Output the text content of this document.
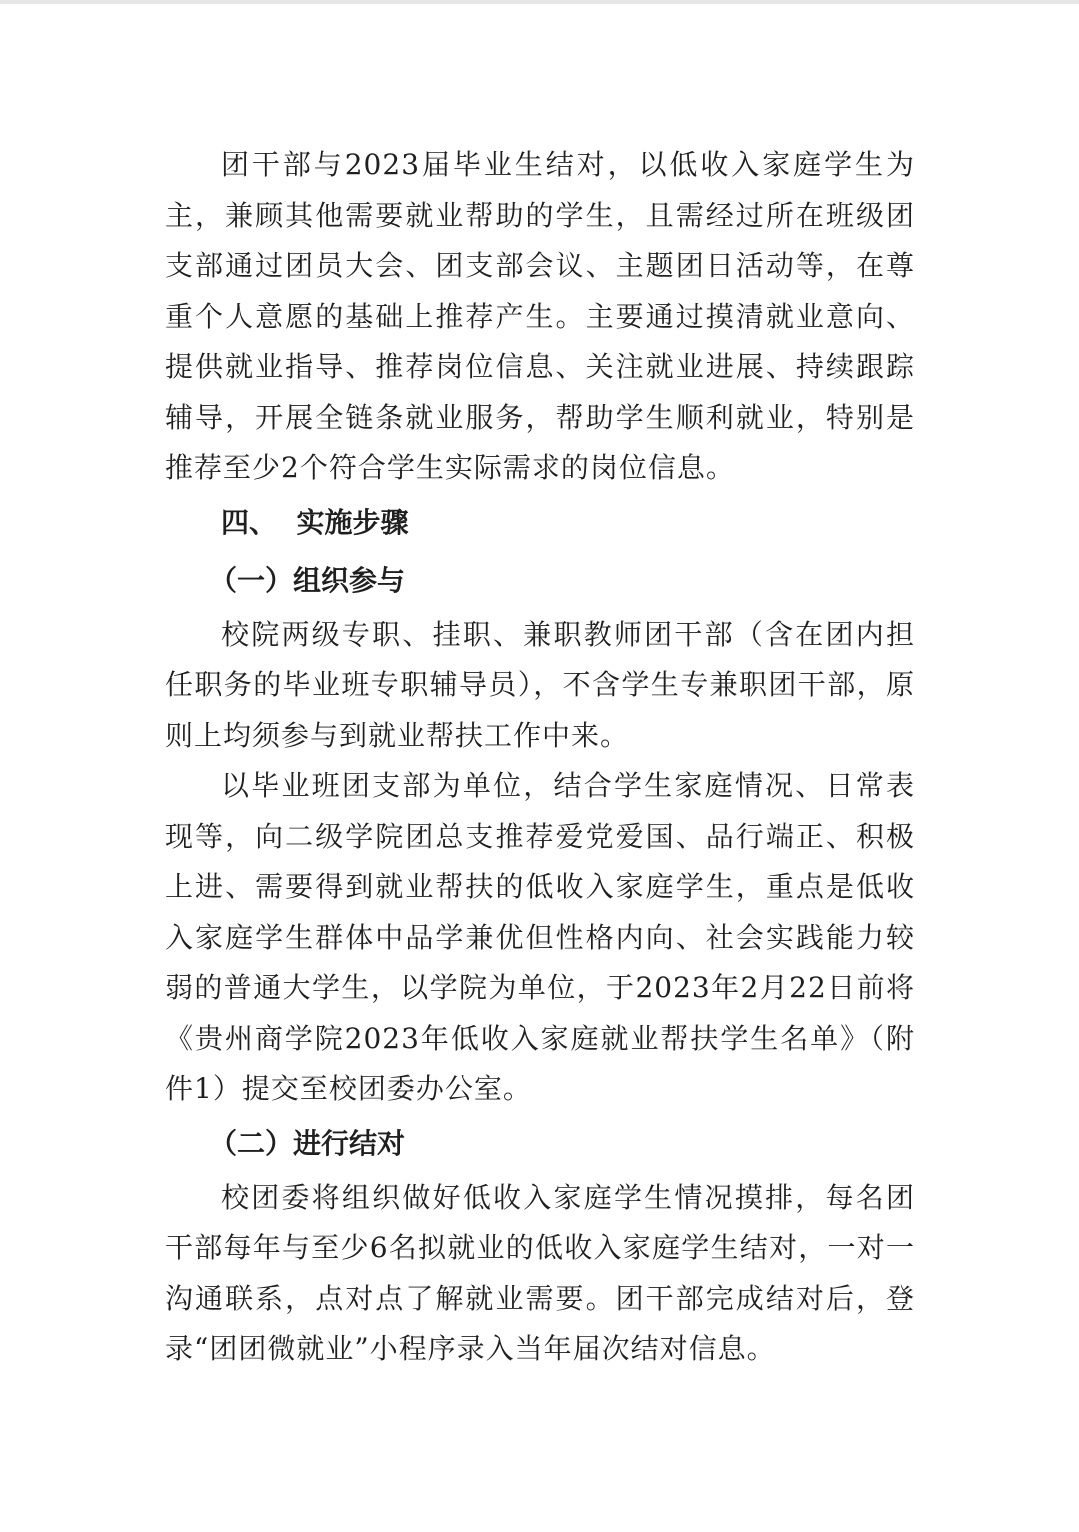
团干部与2023届毕业生结对，以低收入家庭学生为主，兼顾其他需要就业帮助的学生，且需经过所在班级团支部通过团员大会、团支部会议、主题团日活动等，在尊重个人意愿的基础上推荐产生。主要通过摸清就业意向、提供就业指导、推荐岗位信息、关注就业进展、持续跟踪辅导，开展全链条就业服务，帮助学生顺利就业，特别是推荐至少2个符合学生实际需求的岗位信息。

四、  实施步骤

（一）组织参与

校院两级专职、挂职、兼职教师团干部（含在团内担任职务的毕业班专职辅导员），不含学生专兼职团干部，原则上均须参与到就业帮扶工作中来。

以毕业班团支部为单位，结合学生家庭情况、日常表现等，向二级学院团总支推荐爱党爱国、品行端正、积极上进、需要得到就业帮扶的低收入家庭学生，重点是低收入家庭学生群体中品学兼优但性格内向、社会实践能力较弱的普通大学生，以学院为单位，于2023年2月22日前将《贵州商学院2023年低收入家庭就业帮扶学生名单》（附件1）提交至校团委办公室。

（二）进行结对

校团委将组织做好低收入家庭学生情况摸排，每名团干部每年与至少6名拟就业的低收入家庭学生结对，一对一沟通联系，点对点了解就业需要。团干部完成结对后，登录“团团微就业”小程序录入当年届次结对信息。
